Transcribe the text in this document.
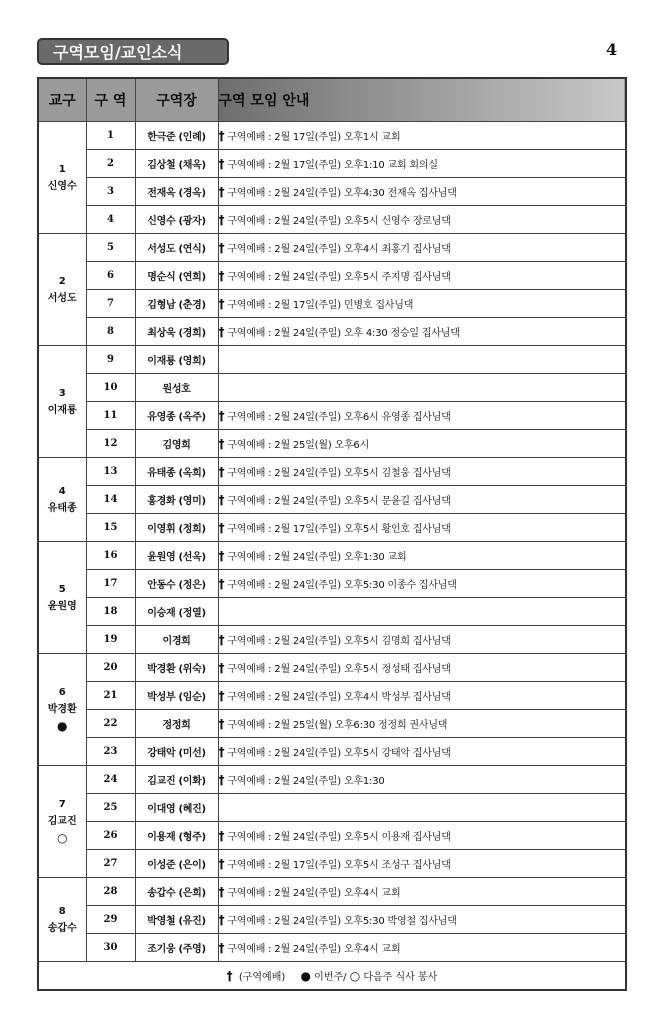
구역모임/교인소식	4
교구	구 역	구역장	구역 모임 안내

1
신영수	1	한극준 (인례)	† 구역예배 : 2월 17일(주일) 오후1시 교회
	2	김상철 (채옥)	† 구역예배 : 2월 17일(주일) 오후1:10 교회 회의실
	3	전재옥 (경옥)	† 구역예배 : 2월 24일(주일) 오후4:30 전재옥 집사님댁
	4	신영수 (광자)	† 구역예배 : 2월 24일(주일) 오후5시 신영수 장로님댁

2
서성도	5	서성도 (연식)	† 구역예배 : 2월 24일(주일) 오후4시 최홍기 집사님댁
	6	명순식 (연희)	† 구역예배 : 2월 24일(주일) 오후5시 주지명 집사님댁
	7	김형남 (춘경)	† 구역예배 : 2월 17일(주일) 민병호 집사님댁
	8	최상욱 (경희)	† 구역예배 : 2월 24일(주일) 오후 4:30 정승일 집사님댁

3
이재룡	9	이재룡 (영희)	
	10	원성호	
	11	유영종 (옥주)	† 구역예배 : 2월 24일(주일) 오후6시 유영종 집사님댁
	12	김영희	† 구역예배 : 2월 25일(월) 오후6시

4
유태종	13	유태종 (옥희)	† 구역예배 : 2월 24일(주일) 오후5시 김철웅 집사님댁
	14	홍경화 (영미)	† 구역예배 : 2월 24일(주일) 오후5시 문윤길 집사님댁
	15	이영휘 (정희)	† 구역예배 : 2월 17일(주일) 오후5시 황인호 집사님댁

5
윤원영	16	윤원영 (선옥)	† 구역예배 : 2월 24일(주일) 오후1:30 교회
	17	안동수 (정은)	† 구역예배 : 2월 24일(주일) 오후5:30 이종수 집사님댁
	18	이승재 (정열)	
	19	이경희	† 구역예배 : 2월 24일(주일) 오후5시 김명희 집사님댁

6
박경환
●	20	박경환 (위숙)	† 구역예배 : 2월 24일(주일) 오후5시 정성태 집사님댁
	21	박성부 (임순)	† 구역예배 : 2월 24일(주일) 오후4시 박성부 집사님댁
	22	정정희	† 구역예배 : 2월 25일(월) 오후6:30 정정희 권사님댁
	23	강태악 (미선)	† 구역예배 : 2월 24일(주일) 오후5시 강태악 집사님댁

7
김교진
○	24	김교진 (이화)	† 구역예배 : 2월 24일(주일) 오후1:30
	25	이대영 (혜진)	
	26	이용재 (형주)	† 구역예배 : 2월 24일(주일) 오후5시 이용재 집사님댁
	27	이성준 (은이)	† 구역예배 : 2월 17일(주일) 오후5시 조성구 집사님댁

8
송갑수	28	송갑수 (은희)	† 구역예배 : 2월 24일(주일) 오후4시 교회
	29	박영철 (유진)	† 구역예배 : 2월 24일(주일) 오후5:30 박영철 집사님댁
	30	조기웅 (주영)	† 구역예배 : 2월 24일(주일) 오후4시 교회
† (구역예배) ● 이번주/ ○ 다음주 식사 봉사			
